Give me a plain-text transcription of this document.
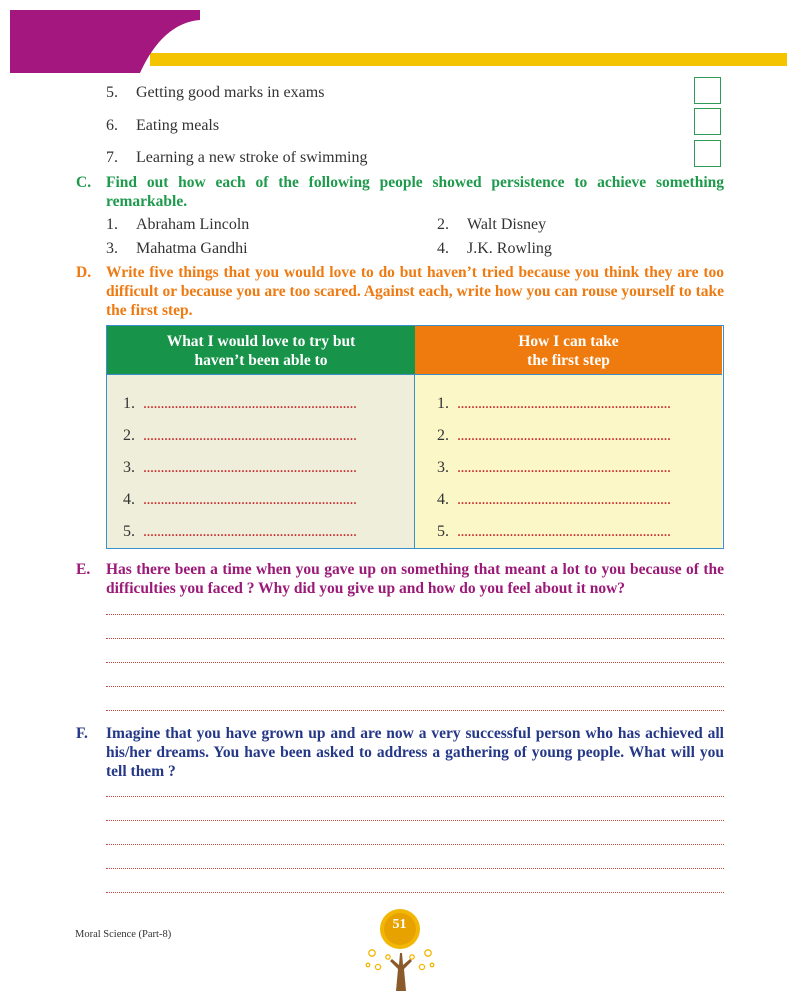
5. Getting good marks in exams
6. Eating meals
7. Learning a new stroke of swimming
C. Find out how each of the following people showed persistence to achieve something remarkable.
1. Abraham Lincoln	2. Walt Disney
3. Mahatma Gandhi	4. J.K. Rowling
D. Write five things that you would love to do but haven’t tried because you think they are too difficult or because you are too scared. Against each, write how you can rouse yourself to take the first step.
What I would love to try but
haven’t been able to
How I can take
the first step
1. .............................................................
2. .............................................................
3. .............................................................
4. .............................................................
5. .............................................................
1. .............................................................
2. .............................................................
3. .............................................................
4. .............................................................
5. .............................................................
E. Has there been a time when you gave up on something that meant a lot to you because of the difficulties you faced ? Why did you give up and how do you feel about it now?
F. Imagine that you have grown up and are now a very successful person who has achieved all his/her dreams. You have been asked to address a gathering of young people. What will you tell them ?
Moral Science (Part-8)
51
